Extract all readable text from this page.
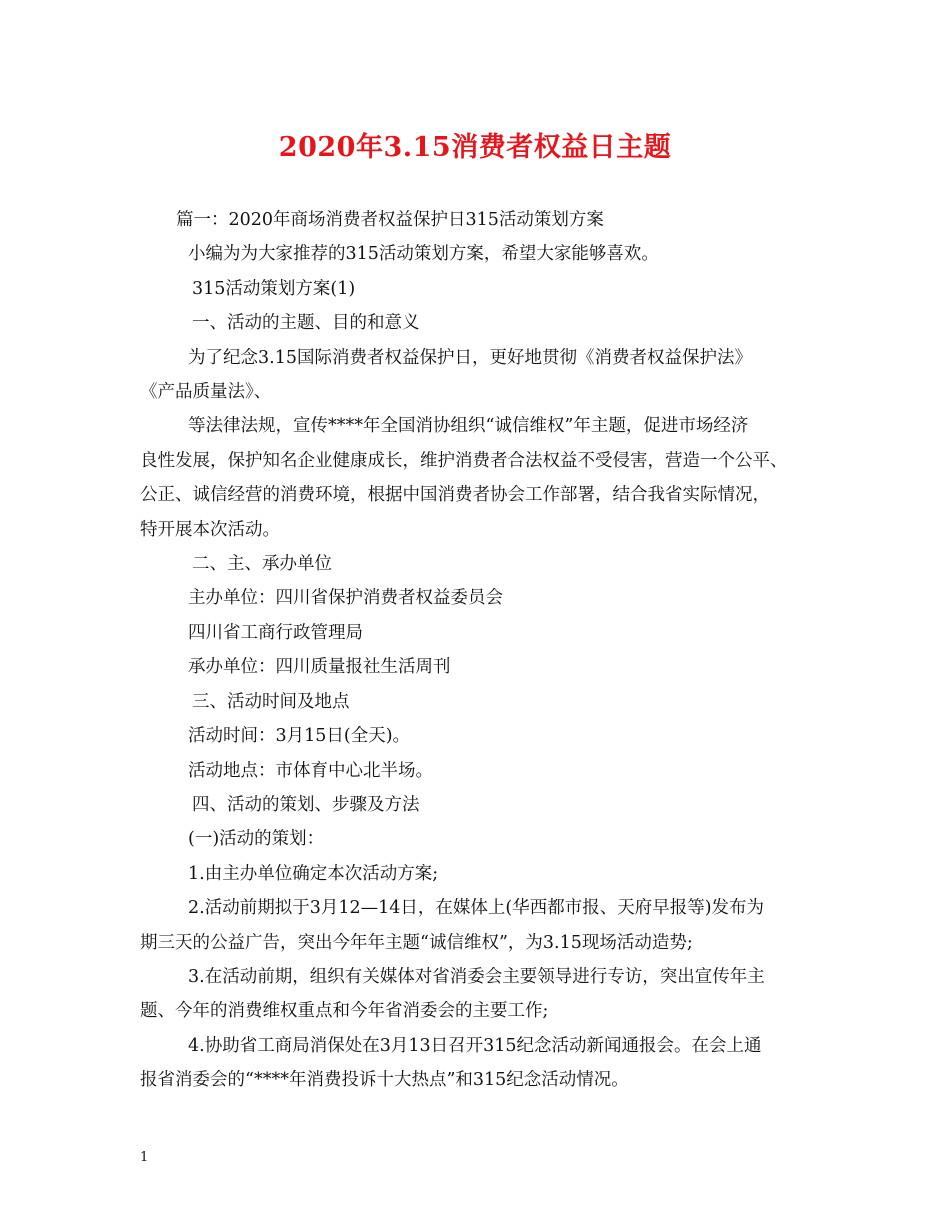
2020年3.15消费者权益日主题
篇一：2020年商场消费者权益保护日315活动策划方案
小编为为大家推荐的315活动策划方案，希望大家能够喜欢。
315活动策划方案(1)
一、活动的主题、目的和意义
为了纪念3.15国际消费者权益保护日，更好地贯彻《消费者权益保护法》
《产品质量法》、
等法律法规，宣传****年全国消协组织“诚信维权”年主题，促进市场经济
良性发展，保护知名企业健康成长，维护消费者合法权益不受侵害，营造一个公平、
公正、诚信经营的消费环境，根据中国消费者协会工作部署，结合我省实际情况，
特开展本次活动。
二、主、承办单位
主办单位：四川省保护消费者权益委员会
四川省工商行政管理局
承办单位：四川质量报社生活周刊
三、活动时间及地点
活动时间：3月15日(全天)。
活动地点：市体育中心北半场。
四、活动的策划、步骤及方法
(一)活动的策划：
1.由主办单位确定本次活动方案;
2.活动前期拟于3月12—14日，在媒体上(华西都市报、天府早报等)发布为
期三天的公益广告，突出今年年主题“诚信维权”，为3.15现场活动造势;
3.在活动前期，组织有关媒体对省消委会主要领导进行专访，突出宣传年主
题、今年的消费维权重点和今年省消委会的主要工作;
4.协助省工商局消保处在3月13日召开315纪念活动新闻通报会。在会上通
报省消委会的“****年消费投诉十大热点”和315纪念活动情况。
1
